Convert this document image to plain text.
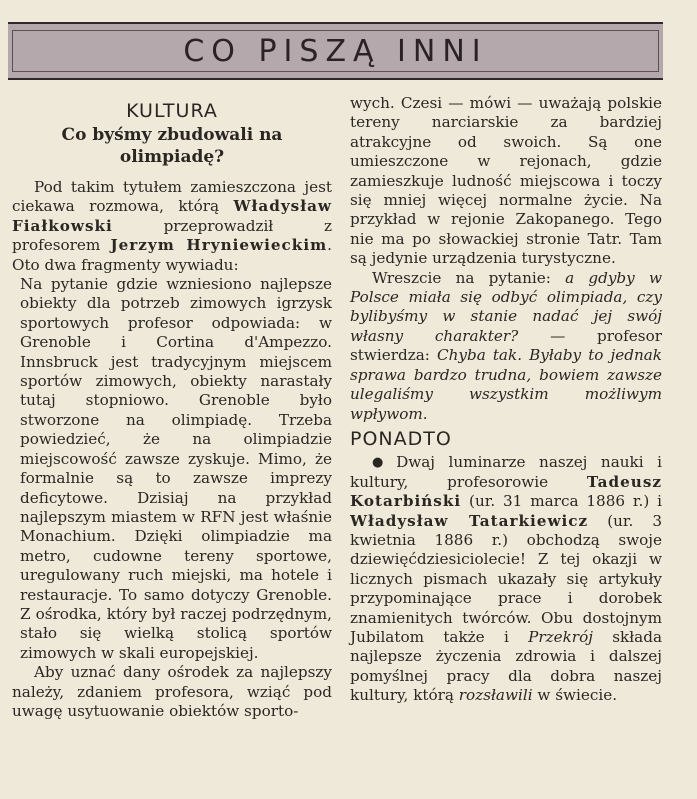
CO PISZĄ INNI
KULTURA
Co byśmy zbudowali na olimpiadę?

Pod takim tytułem zamieszczona jest ciekawa rozmowa, którą Władysław Fiałkowski przeprowadził z profesorem Jerzym Hryniewieckim. Oto dwa fragmenty wywiadu:

Na pytanie gdzie wzniesiono najlepsze obiekty dla potrzeb zimowych igrzysk sportowych profesor odpowiada: w Grenoble i Cortina d'Ampezzo. Innsbruck jest tradycyjnym miejscem sportów zimowych, obiekty narastały tutaj stopniowo. Grenoble było stworzone na olimpiadę. Trzeba powiedzieć, że na olimpiadzie miejscowość zawsze zyskuje. Mimo, że formalnie są to zawsze imprezy deficytowe. Dzisiaj na przykład najlepszym miastem w RFN jest właśnie Monachium. Dzięki olimpiadzie ma metro, cudowne tereny sportowe, uregulowany ruch miejski, ma hotele i restauracje. To samo dotyczy Grenoble. Z ośrodka, który był raczej podrzędnym, stało się wielką stolicą sportów zimowych w skali europejskiej.

Aby uznać dany ośrodek za najlepszy należy, zdaniem profesora, wziąć pod uwagę usytuowanie obiektów sporto-

wych. Czesi — mówi — uważają polskie tereny narciarskie za bardziej atrakcyjne od swoich. Są one umieszczone w rejonach, gdzie zamieszkuje ludność miejscowa i toczy się mniej więcej normalne życie. Na przykład w rejonie Zakopanego. Tego nie ma po słowackiej stronie Tatr. Tam są jedynie urządzenia turystyczne.

Wreszcie na pytanie: a gdyby w Polsce miała się odbyć olimpiada, czy bylibyśmy w stanie nadać jej swój własny charakter? — profesor stwierdza: Chyba tak. Byłaby to jednak sprawa bardzo trudna, bowiem zawsze ulegaliśmy wszystkim możliwym wpływom.

PONADTO

● Dwaj luminarze naszej nauki i kultury, profesorowie Tadeusz Kotarbiński (ur. 31 marca 1886 r.) i Władysław Tatarkiewicz (ur. 3 kwietnia 1886 r.) obchodzą swoje dziewięćdziesiciolecie! Z tej okazji w licznych pismach ukazały się artykuły przypominające prace i dorobek znamienitych twórców. Obu dostojnym Jubilatom także i Przekrój składa najlepsze życzenia zdrowia i dalszej pomyślnej pracy dla dobra naszej kultury, którą rozsławili w świecie.
